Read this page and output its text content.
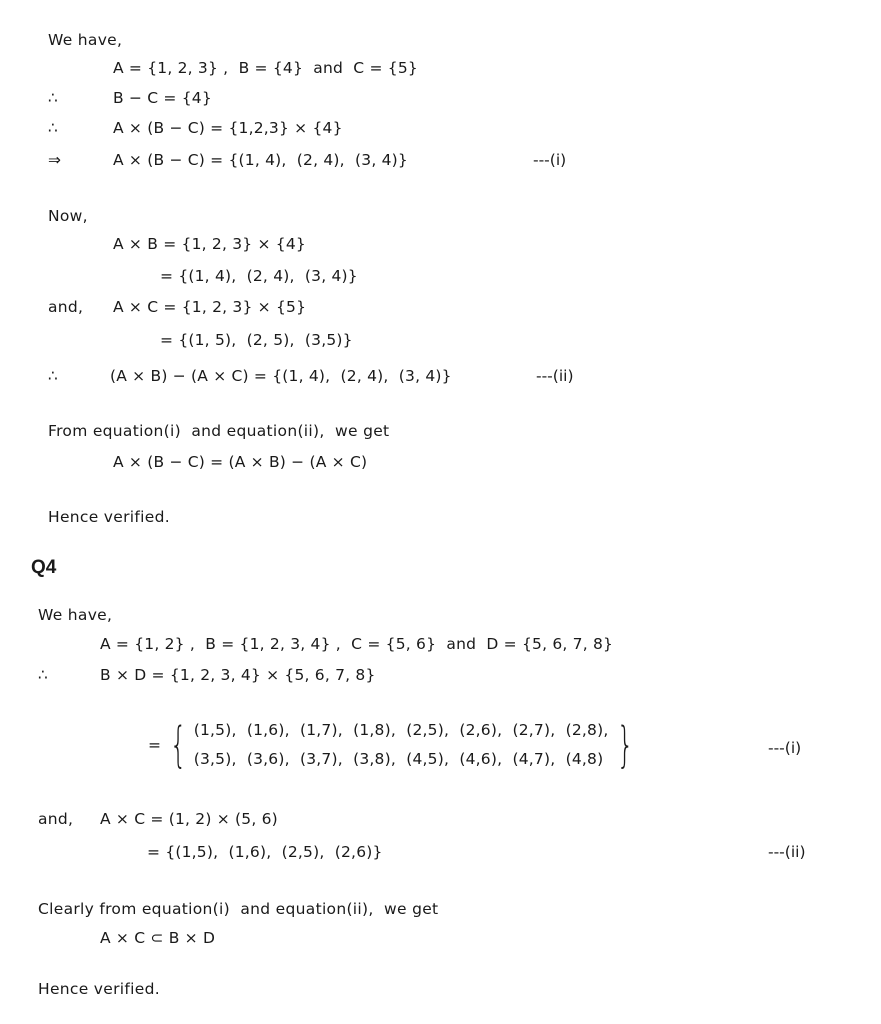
We have,
A = {1, 2, 3} ,  B = {4}  and  C = {5}
∴	B − C = {4}
∴	A × (B − C) = {1,2,3} × {4}
⇒	A × (B − C) = {(1, 4),  (2, 4),  (3, 4)}	---(i)
Now,
A × B = {1, 2, 3} × {4}
= {(1, 4),  (2, 4),  (3, 4)}
and, A × C = {1, 2, 3} × {5}
= {(1, 5),  (2, 5),  (3,5)}
∴	(A × B) − (A × C) = {(1, 4),  (2, 4),  (3, 4)}	---(ii)
From equation(i)  and equation(ii),  we get
A × (B − C) = (A × B) − (A × C)
Hence verified.
Q4
We have,
A = {1, 2} ,  B = {1, 2, 3, 4} ,  C = {5, 6}  and  D = {5, 6, 7, 8}
∴	B × D = {1, 2, 3, 4} × {5, 6, 7, 8}
= { (1,5),  (1,6),  (1,7),  (1,8),  (2,5),  (2,6),  (2,7),  (2,8),
(3,5),  (3,6),  (3,7),  (3,8),  (4,5),  (4,6),  (4,7),  (4,8) }	---(i)
and, A × C = (1, 2) × (5, 6)
= {(1,5),  (1,6),  (2,5),  (2,6)}	---(ii)
Clearly from equation(i)  and equation(ii),  we get
A × C ⊂ B × D
Hence verified.
